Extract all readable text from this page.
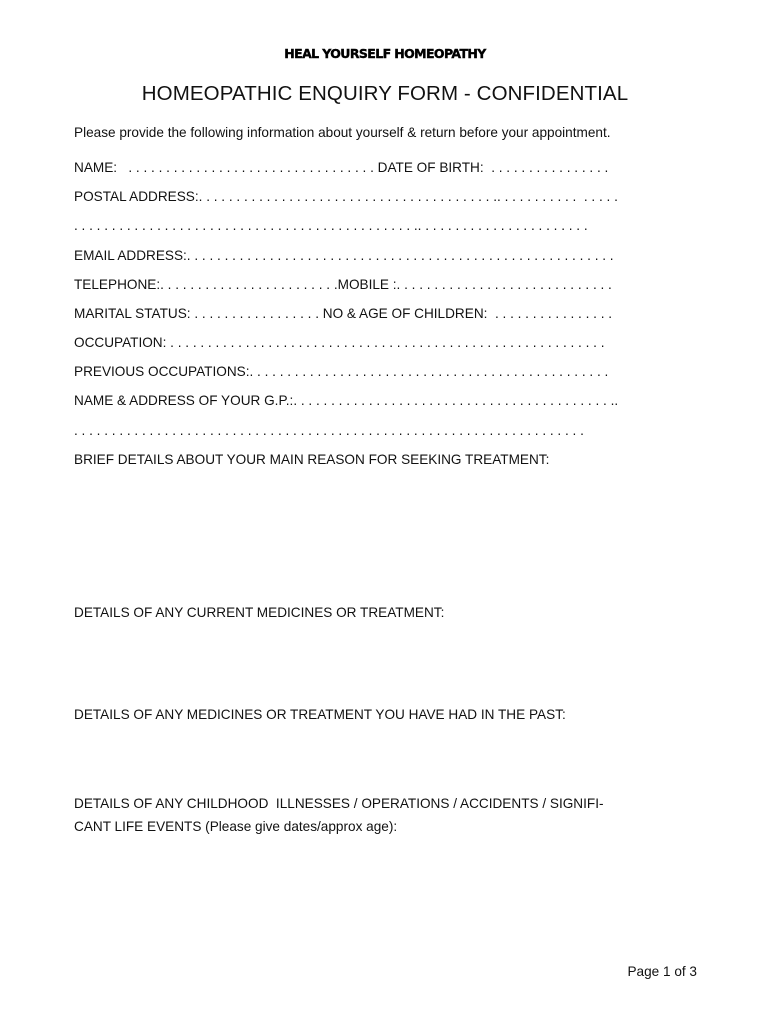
HEAL YOURSELF HOMEOPATHY
HOMEOPATHIC ENQUIRY FORM - CONFIDENTIAL
Please provide the following information about yourself & return before your appointment.
NAME:   . . . . . . . . . . . . . . . . . . . . . . . . . . . . . . . . . DATE OF BIRTH:  . . . . . . . . . . . . . . . .
POSTAL ADDRESS:. . . . . . . . . . . . . . . . . . . . . . . . . . . . . . . . . . . . . . . .. . . . . . . . . . .  . . . . .
. . . . . . . . . . . . . . . . . . . . . . . . . . . . . . . . . . . . . . . . . . . . . .. . . . . . . . . . . . . . . . . . . . . . .
EMAIL ADDRESS:. . . . . . . . . . . . . . . . . . . . . . . . . . . . . . . . . . . . . . . . . . . . . . . . . . . . . . . . .
TELEPHONE:. . . . . . . . . . . . . . . . . . . . . . . .MOBILE :. . . . . . . . . . . . . . . . . . . . . . . . . . . . .
MARITAL STATUS: . . . . . . . . . . . . . . . . . NO & AGE OF CHILDREN:  . . . . . . . . . . . . . . . .
OCCUPATION: . . . . . . . . . . . . . . . . . . . . . . . . . . . . . . . . . . . . . . . . . . . . . . . . . . . . . . . . . .
PREVIOUS OCCUPATIONS:. . . . . . . . . . . . . . . . . . . . . . . . . . . . . . . . . . . . . . . . . . . . . . . .
NAME & ADDRESS OF YOUR G.P.:. . . . . . . . . . . . . . . . . . . . . . . . . . . . . . . . . . . . . . . . . . ..
. . . . . . . . . . . . . . . . . . . . . . . . . . . . . . . . . . . . . . . . . . . . . . . . . . . . . . . . . . . . . . . . . . . .
BRIEF DETAILS ABOUT YOUR MAIN REASON FOR SEEKING TREATMENT:
DETAILS OF ANY CURRENT MEDICINES OR TREATMENT:
DETAILS OF ANY MEDICINES OR TREATMENT YOU HAVE HAD IN THE PAST:
DETAILS OF ANY CHILDHOOD  ILLNESSES / OPERATIONS / ACCIDENTS / SIGNIFI-
CANT LIFE EVENTS (Please give dates/approx age):
Page 1 of 3
